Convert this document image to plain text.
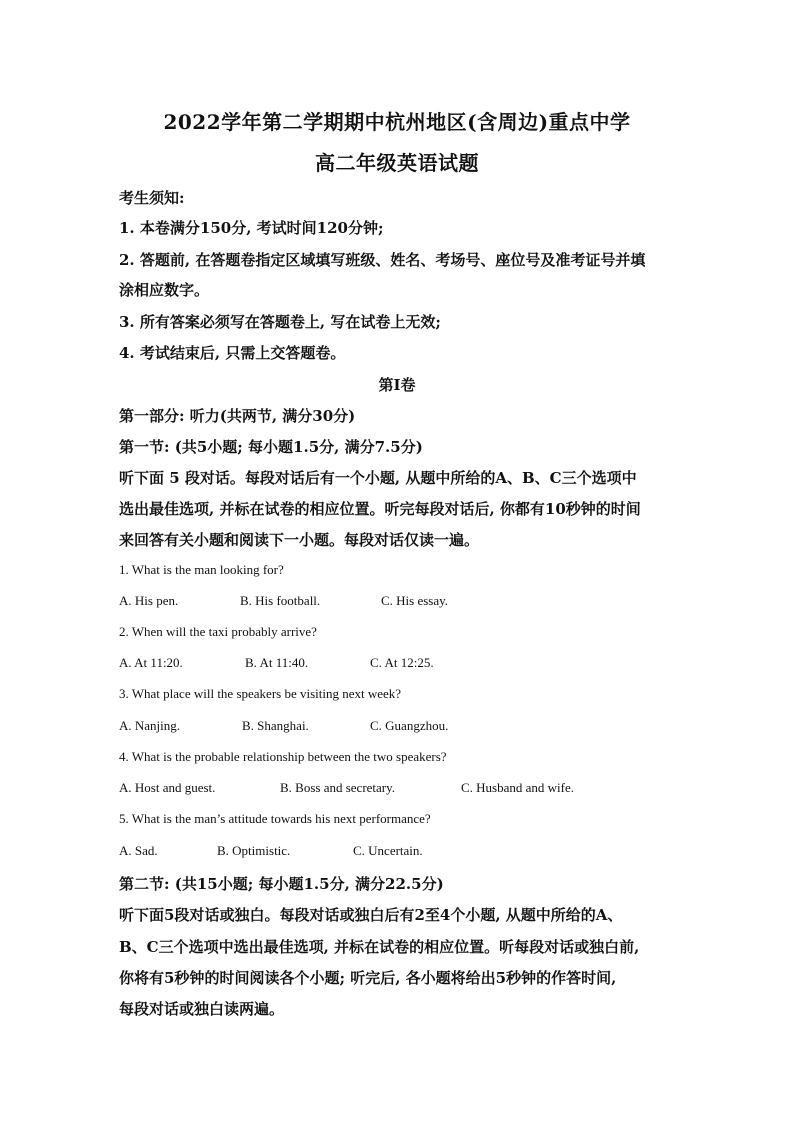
2022学年第二学期期中杭州地区(含周边)重点中学
高二年级英语试题
考生须知:
1. 本卷满分150分, 考试时间120分钟;
2. 答题前, 在答题卷指定区域填写班级、姓名、考场号、座位号及准考证号并填
涂相应数字。
3. 所有答案必须写在答题卷上, 写在试卷上无效;
4. 考试结束后, 只需上交答题卷。
第I卷
第一部分: 听力(共两节, 满分30分)
第一节: (共5小题; 每小题1.5分, 满分7.5分)
听下面 5 段对话。每段对话后有一个小题, 从题中所给的A、B、C三个选项中
选出最佳选项, 并标在试卷的相应位置。听完每段对话后, 你都有10秒钟的时间
来回答有关小题和阅读下一小题。每段对话仅读一遍。
1. What is the man looking for?
A. His pen.	B. His football.	C. His essay.
2. When will the taxi probably arrive?
A. At 11:20.	B. At 11:40.	C. At 12:25.
3. What place will the speakers be visiting next week?
A. Nanjing.	B. Shanghai.	C. Guangzhou.
4. What is the probable relationship between the two speakers?
A. Host and guest.	B. Boss and secretary.	C. Husband and wife.
5. What is the man’s attitude towards his next performance?
A. Sad.	B. Optimistic.	C. Uncertain.
第二节: (共15小题; 每小题1.5分, 满分22.5分)
听下面5段对话或独白。每段对话或独白后有2至4个小题, 从题中所给的A、
B、C三个选项中选出最佳选项, 并标在试卷的相应位置。听每段对话或独白前,
你将有5秒钟的时间阅读各个小题; 听完后, 各小题将给出5秒钟的作答时间,
每段对话或独白读两遍。
